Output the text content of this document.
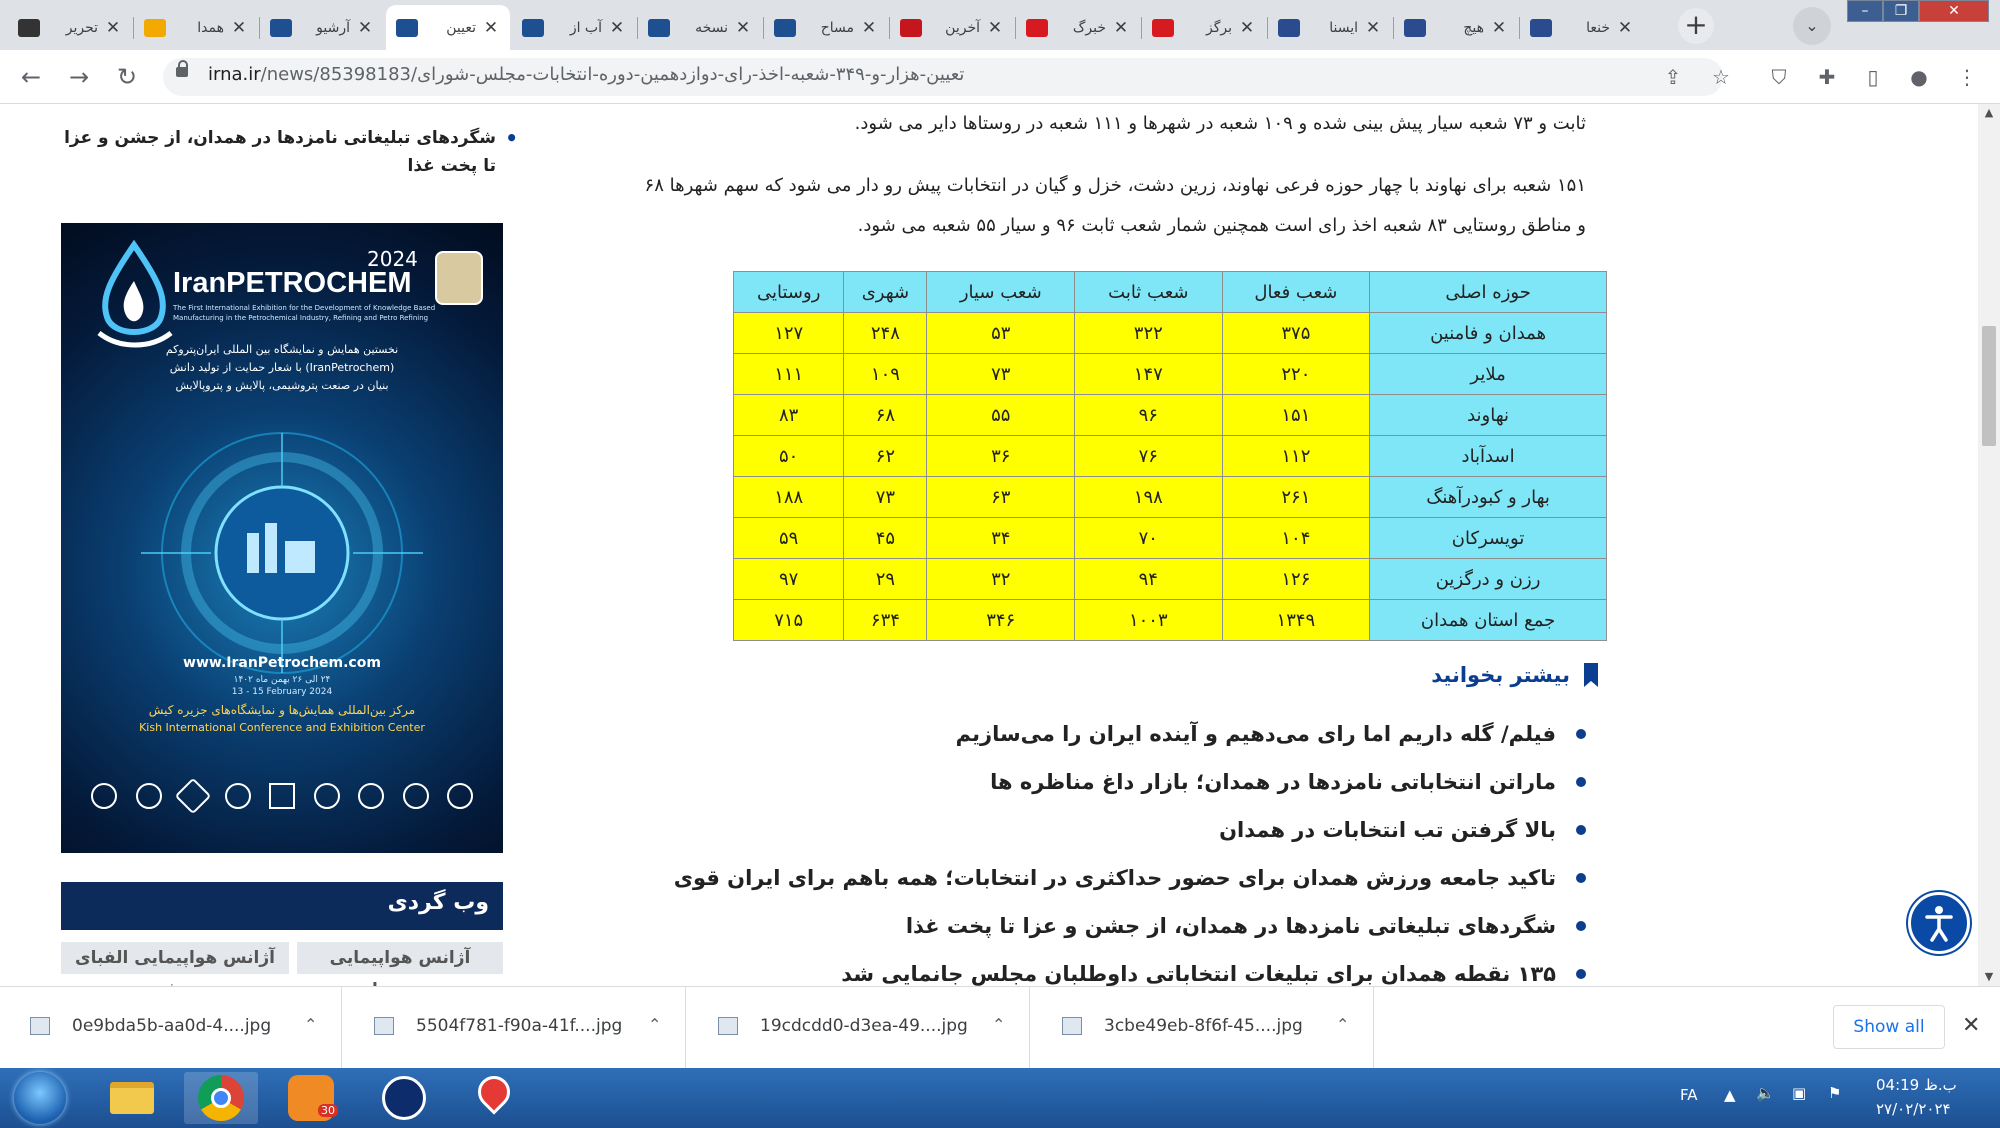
تحریر ✕	همدا ✕	آرشیو ✕	تعیین ✕	آب از ✕	نسخه ✕	مساح ✕	آخرین ✕	خبرگ ✕	برگز ✕	ایسنا ✕	هیچ ✕	خنعا ✕ +	⌄
–	❐	✕
← → ↻	irna.ir/news/85398183/تعیین-هزار-و-۳۴۹-شعبه-اخذ-رای-دوازدهمین-دوره-انتخابات-مجلس-شورای	⇪	☆	⛉	✚	▯	●	⋮
• شگردهای تبلیغاتی نامزدها در همدان، از جشن و عزا تا پخت غذا
2024
IranPETROCHEM
The First International Exhibition for the Development of Knowledge Based Manufacturing in the Petrochemical Industry, Refining and Petro Refining
نخستین همایش و نمایشگاه بین المللی ایران‌پتروکم
(IranPetrochem) با شعار حمایت از تولید دانش
بنیان در صنعت پتروشیمی، پالایش و پتروپالایش
www.IranPetrochem.com
۲۴ الی ۲۶ بهمن ماه ۱۴۰۲
13 - 15 February 2024
مرکز بین‌المللی همایش‌ها و نمایشگاه‌های جزیره کیش
Kish International Conference and Exhibition Center
وب گردی
آژانس هواپیمایی
آژانس هواپیمایی الفبای
ثابت و ۷۳ شعبه سیار پیش بینی شده و ۱۰۹ شعبه در شهرها و ۱۱۱ شعبه در روستاها دایر می شود.
۱۵۱ شعبه برای نهاوند با چهار حوزه فرعی نهاوند، زرین دشت، خزل و گیان در انتخابات پیش رو دار می شود که سهم شهرها ۶۸
و مناطق روستایی ۸۳ شعبه اخذ رای است همچنین شمار شعب ثابت ۹۶ و سیار ۵۵ شعبه می شود.
حوزه اصلی	شعب فعال	شعب ثابت	شعب سیار	شهری	روستایی
همدان و فامنین	۳۷۵	۳۲۲	۵۳	۲۴۸	۱۲۷
ملایر	۲۲۰	۱۴۷	۷۳	۱۰۹	۱۱۱
نهاوند	۱۵۱	۹۶	۵۵	۶۸	۸۳
اسدآباد	۱۱۲	۷۶	۳۶	۶۲	۵۰
بهار و کبودرآهنگ	۲۶۱	۱۹۸	۶۳	۷۳	۱۸۸
تویسرکان	۱۰۴	۷۰	۳۴	۴۵	۵۹
رزن و درگزین	۱۲۶	۹۴	۳۲	۲۹	۹۷
جمع استان همدان	۱۳۴۹	۱۰۰۳	۳۴۶	۶۳۴	۷۱۵
بیشتر بخوانید
فیلم/ گله داریم اما رای می‌دهیم و آینده ایران را می‌سازیم
ماراتن انتخاباتی نامزدها در همدان؛ بازار داغ مناظره ها
بالا گرفتن تب انتخابات در همدان
تاکید جامعه ورزش همدان برای حضور حداکثری در انتخابات؛ همه باهم برای ایران قوی
شگردهای تبلیغاتی نامزدها در همدان، از جشن و عزا تا پخت غذا
۱۳۵ نقطه همدان برای تبلیغات انتخاباتی داوطلبان مجلس جانمایی شد
▲
▼
0e9bda5b-aa0d-4....jpg ⌃	5504f781-f90a-41f....jpg ⌃	19cdcdd0-d3ea-49....jpg ⌃	3cbe49eb-8f6f-45....jpg ⌃	Show all	✕
30
FA ▲ 🔈 ▣ ⚑ 04:19 ب.ظ
۲۷/۰۲/۲۰۲۴
